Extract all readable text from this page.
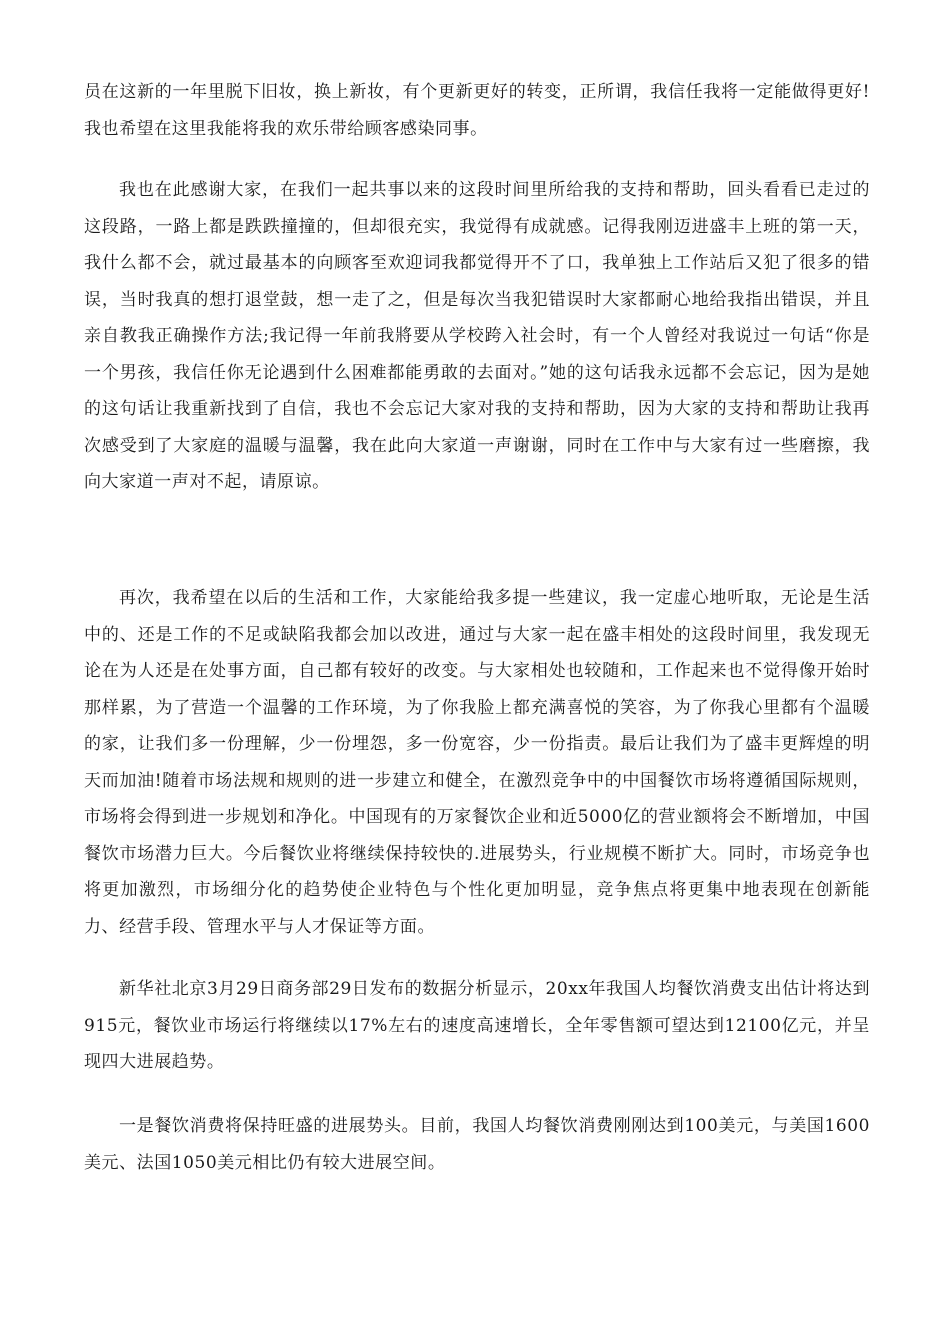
员在这新的一年里脱下旧妆，换上新妆，有个更新更好的转变，正所谓，我信任我将一定能做得更好!我也希望在这里我能将我的欢乐带给顾客感染同事。

我也在此感谢大家，在我们一起共事以来的这段时间里所给我的支持和帮助，回头看看已走过的这段路，一路上都是跌跌撞撞的，但却很充实，我觉得有成就感。记得我刚迈进盛丰上班的第一天，我什么都不会，就过最基本的向顾客至欢迎词我都觉得开不了口，我单独上工作站后又犯了很多的错误，当时我真的想打退堂鼓，想一走了之，但是每次当我犯错误时大家都耐心地给我指出错误，并且亲自教我正确操作方法;我记得一年前我將要从学校跨入社会时，有一个人曾经对我说过一句话“你是一个男孩，我信任你无论遇到什么困难都能勇敢的去面对。”她的这句话我永远都不会忘记，因为是她的这句话让我重新找到了自信，我也不会忘记大家对我的支持和帮助，因为大家的支持和帮助让我再次感受到了大家庭的温暖与温馨，我在此向大家道一声谢谢，同时在工作中与大家有过一些磨擦，我向大家道一声对不起，请原谅。

再次，我希望在以后的生活和工作，大家能给我多提一些建议，我一定虚心地听取，无论是生活中的、还是工作的不足或缺陷我都会加以改进，通过与大家一起在盛丰相处的这段时间里，我发现无论在为人还是在处事方面，自己都有较好的改变。与大家相处也较随和，工作起来也不觉得像开始时那样累，为了营造一个温馨的工作环境，为了你我脸上都充满喜悦的笑容，为了你我心里都有个温暖的家，让我们多一份理解，少一份埋怨，多一份宽容，少一份指责。最后让我们为了盛丰更辉煌的明天而加油!随着市场法规和规则的进一步建立和健全，在激烈竞争中的中国餐饮市场将遵循国际规则，市场将会得到进一步规划和净化。中国现有的万家餐饮企业和近5000亿的营业额将会不断增加，中国餐饮市场潜力巨大。今后餐饮业将继续保持较快的.进展势头，行业规模不断扩大。同时，市场竞争也将更加激烈，市场细分化的趋势使企业特色与个性化更加明显，竞争焦点将更集中地表现在创新能力、经营手段、管理水平与人才保证等方面。

新华社北京3月29日商务部29日发布的数据分析显示，20xx年我国人均餐饮消费支出估计将达到915元，餐饮业市场运行将继续以17%左右的速度高速增长，全年零售额可望达到12100亿元，并呈现四大进展趋势。

一是餐饮消费将保持旺盛的进展势头。目前，我国人均餐饮消费刚刚达到100美元，与美国1600美元、法国1050美元相比仍有较大进展空间。
